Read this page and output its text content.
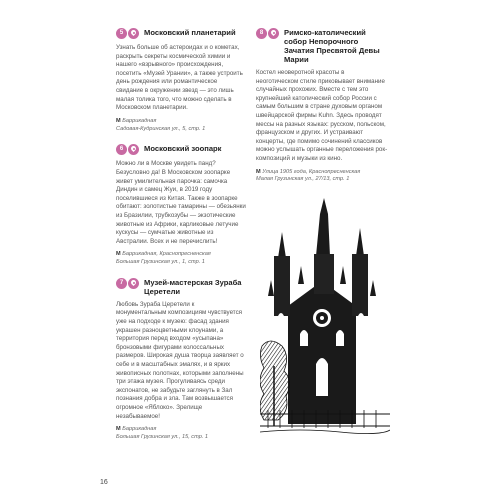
5	Московский планетарий

Узнать больше об астероидах и о кометах, раскрыть секреты космической химии и нашего «взрывного» происхождения, посетить «Музей Урании», а также устроить день рождения или романтическое свидание в окружении звезд — это лишь малая толика того, что можно сделать в Московском планетарии.

М Баррикадная
Садовая-Кудринская ул., 5, стр. 1
6	Московский зоопарк

Можно ли в Москве увидеть панд? Безусловно да! В Московском зоопарке живет умилительная парочка: самочка Диндин и самец Жуи, в 2019 году поселившиеся из Китая. Также в зоопарке обитают: золотистые тамарины — обезьянки из Бразилии, трубкозубы — экзотические животные из Африки, карликовые летучие кускусы — сумчатые животные из Австралии. Всех и не перечислить!

М Баррикадная, Краснопресненская
Большая Грузинская ул., 1, стр. 1
7	Музей-мастерская Зураба Церетели

Любовь Зураба Церетели к монументальным композициям чувствуется уже на подходе к музею: фасад здания украшен разноцветными клоунами, а территория перед входом «усыпана» бронзовыми фигурами колоссальных размеров. Широкая душа творца заявляет о себе и в масштабных эмалях, и в ярких живописных полотнах, которыми заполнены три этажа музея. Прогуливаясь среди экспонатов, не забудьте заглянуть в Зал познания добра и зла. Там возвышается огромное «Яблоко». Зрелище незабываемое!

М Баррикадная
Большая Грузинская ул., 15, стр. 1
8	Римско-католический собор Непорочного Зачатия Пресвятой Девы Марии

Костел неоверотной красоты в неоготическом стиле приковывает внимание случайных прохожих. Вместе с тем это крупнейший католический собор России с самым большим в стране духовым органом швейцарской фирмы Kuhn. Здесь проводят мессы на разных языках: русском, польском, французском и других. И устраивают концерты, где помимо сочинений классиков можно услышать органные переложения рок-композиций и музыки из кино.

М Улица 1905 года, Краснопресненская
Малая Грузинская ул., 27/13, стр. 1
16
